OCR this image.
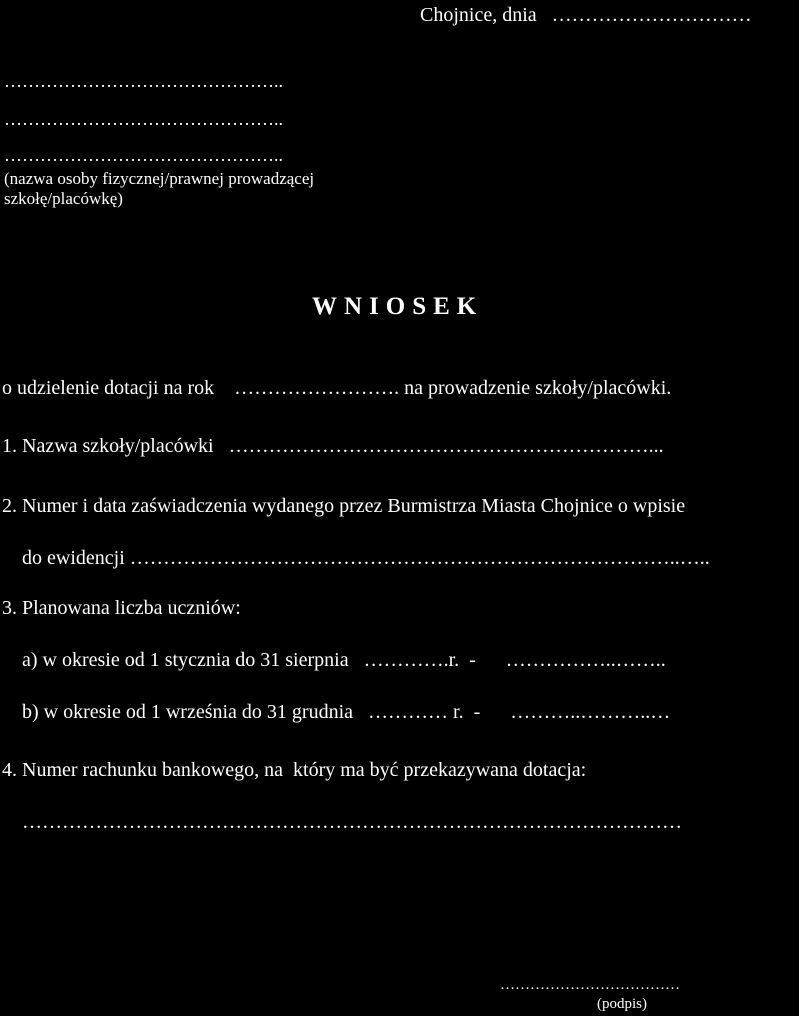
Chojnice, dnia   …………………………
………………………………………..
………………………………………..
………………………………………..
(nazwa osoby fizycznej/prawnej prowadzącej
szkołę/placówkę)
WNIOSEK
o udzielenie dotacji na rok    ……………………. na prowadzenie szkoły/placówki.
1. Nazwa szkoły/placówki   ………………………………………………………...
2. Numer i data zaświadczenia wydanego przez Burmistrza Miasta Chojnice o wpisie
do ewidencji ………………………………………………………………………..…..
3. Planowana liczba uczniów:
a) w okresie od 1 stycznia do 31 sierpnia   ………….r.  -      ……………..……..
b) w okresie od 1 września do 31 grudnia   ………… r.  -      ………..………..…
4. Numer rachunku bankowego, na  który ma być przekazywana dotacja:
………………………………………………………………………………………
………………………………
(podpis)
